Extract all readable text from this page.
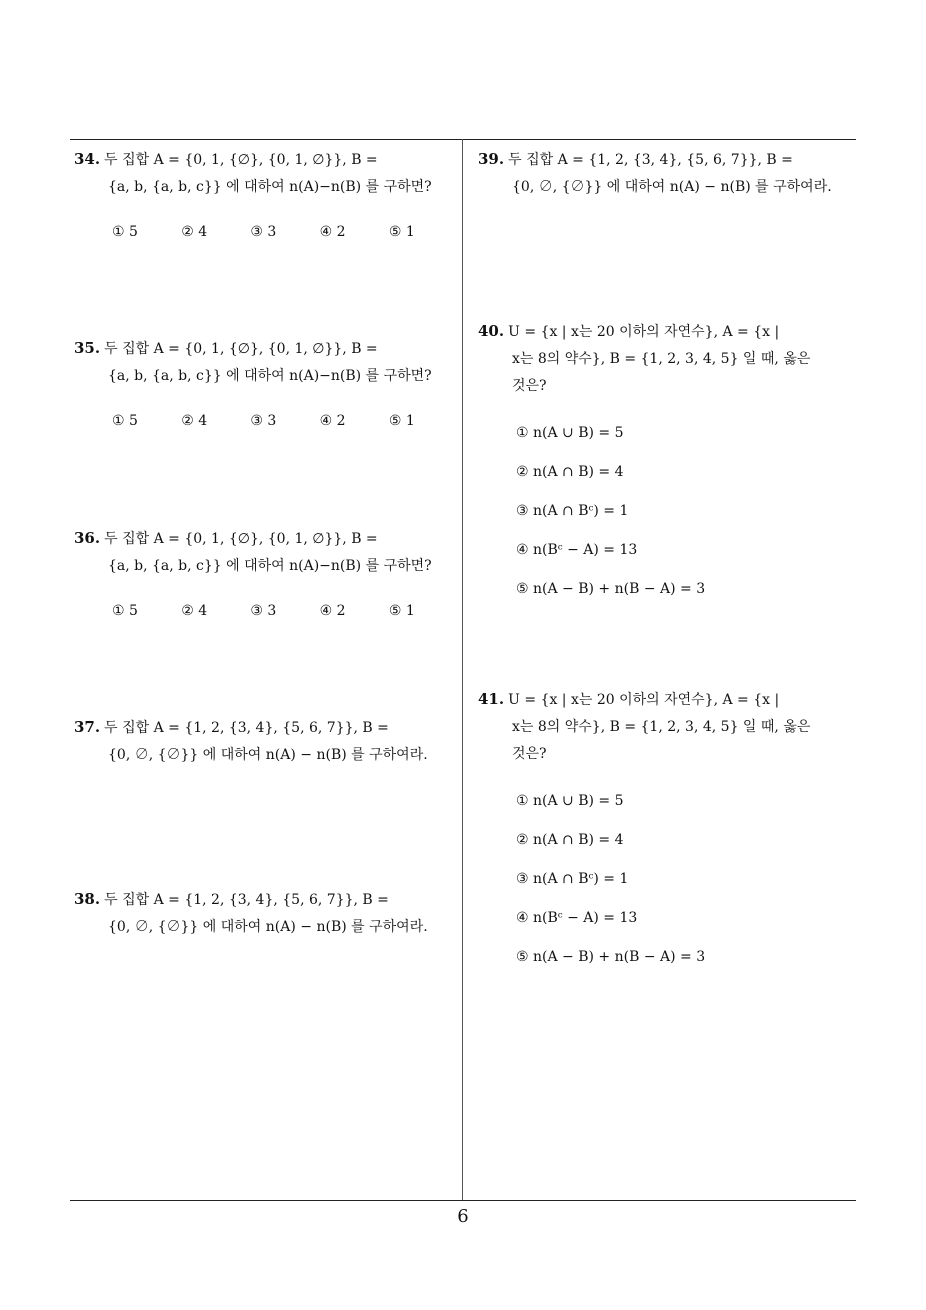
34. 두 집합 A = {0, 1, {∅}, {0, 1, ∅}}, B =
{a, b, {a, b, c}} 에 대하여 n(A)−n(B) 를 구하면?
① 5	② 4	③ 3	④ 2	⑤ 1
35. 두 집합 A = {0, 1, {∅}, {0, 1, ∅}}, B =
{a, b, {a, b, c}} 에 대하여 n(A)−n(B) 를 구하면?
① 5	② 4	③ 3	④ 2	⑤ 1
36. 두 집합 A = {0, 1, {∅}, {0, 1, ∅}}, B =
{a, b, {a, b, c}} 에 대하여 n(A)−n(B) 를 구하면?
① 5	② 4	③ 3	④ 2	⑤ 1
37. 두 집합 A = {1, 2, {3, 4}, {5, 6, 7}}, B =
{0, ∅, {∅}} 에 대하여 n(A) − n(B) 를 구하여라.
38. 두 집합 A = {1, 2, {3, 4}, {5, 6, 7}}, B =
{0, ∅, {∅}} 에 대하여 n(A) − n(B) 를 구하여라.
39. 두 집합 A = {1, 2, {3, 4}, {5, 6, 7}}, B =
{0, ∅, {∅}} 에 대하여 n(A) − n(B) 를 구하여라.
40. U = {x | x는 20 이하의 자연수}, A = {x |
x는 8의 약수}, B = {1, 2, 3, 4, 5} 일 때, 옳은
것은?
① n(A ∪ B) = 5
② n(A ∩ B) = 4
③ n(A ∩ Bᶜ) = 1
④ n(Bᶜ − A) = 13
⑤ n(A − B) + n(B − A) = 3
41. U = {x | x는 20 이하의 자연수}, A = {x |
x는 8의 약수}, B = {1, 2, 3, 4, 5} 일 때, 옳은
것은?
① n(A ∪ B) = 5
② n(A ∩ B) = 4
③ n(A ∩ Bᶜ) = 1
④ n(Bᶜ − A) = 13
⑤ n(A − B) + n(B − A) = 3
6
